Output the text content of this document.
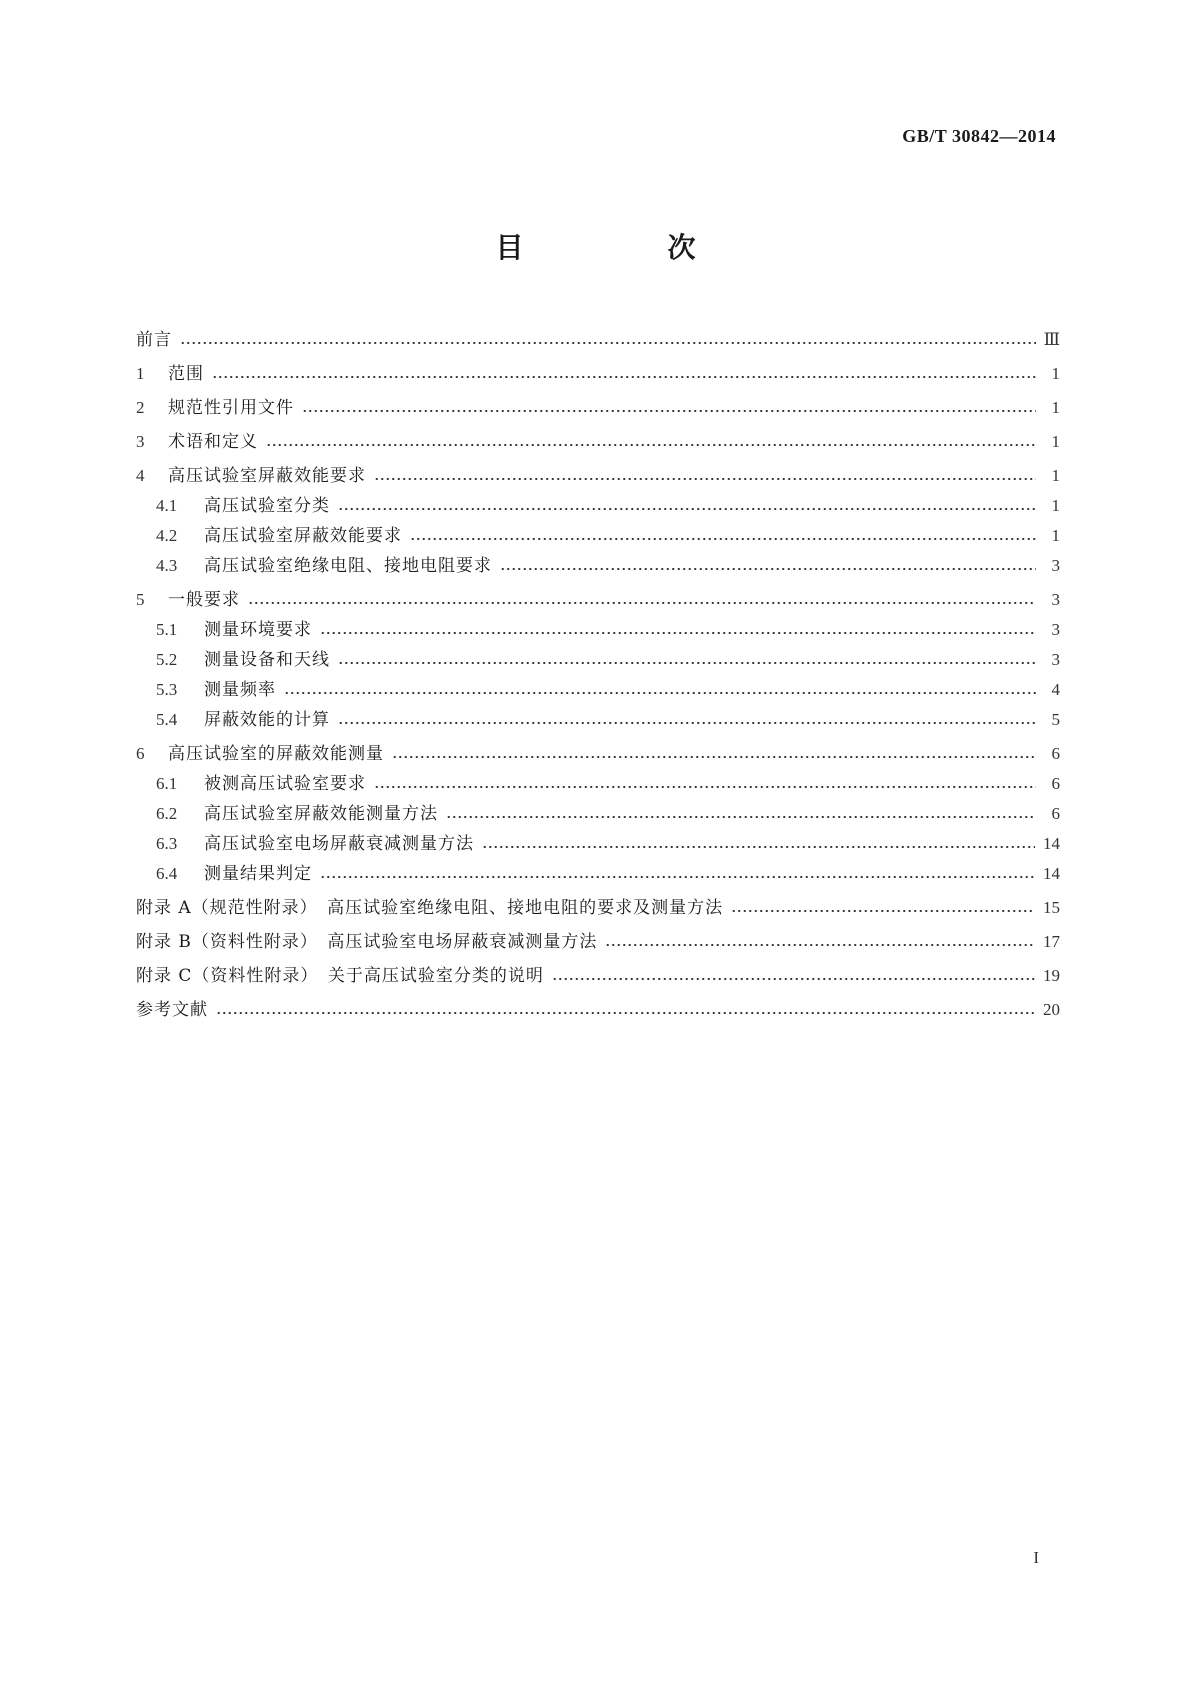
GB/T 30842—2014
目　次
前言	Ⅲ
1	范围	1
2	规范性引用文件	1
3	术语和定义	1
4	高压试验室屏蔽效能要求	1
4.1	高压试验室分类	1
4.2	高压试验室屏蔽效能要求	1
4.3	高压试验室绝缘电阻、接地电阻要求	3
5	一般要求	3
5.1	测量环境要求	3
5.2	测量设备和天线	3
5.3	测量频率	4
5.4	屏蔽效能的计算	5
6	高压试验室的屏蔽效能测量	6
6.1	被测高压试验室要求	6
6.2	高压试验室屏蔽效能测量方法	6
6.3	高压试验室电场屏蔽衰减测量方法	14
6.4	测量结果判定	14
附录 A（规范性附录）　高压试验室绝缘电阻、接地电阻的要求及测量方法	15
附录 B（资料性附录）　高压试验室电场屏蔽衰减测量方法	17
附录 C（资料性附录）　关于高压试验室分类的说明	19
参考文献	20
I
